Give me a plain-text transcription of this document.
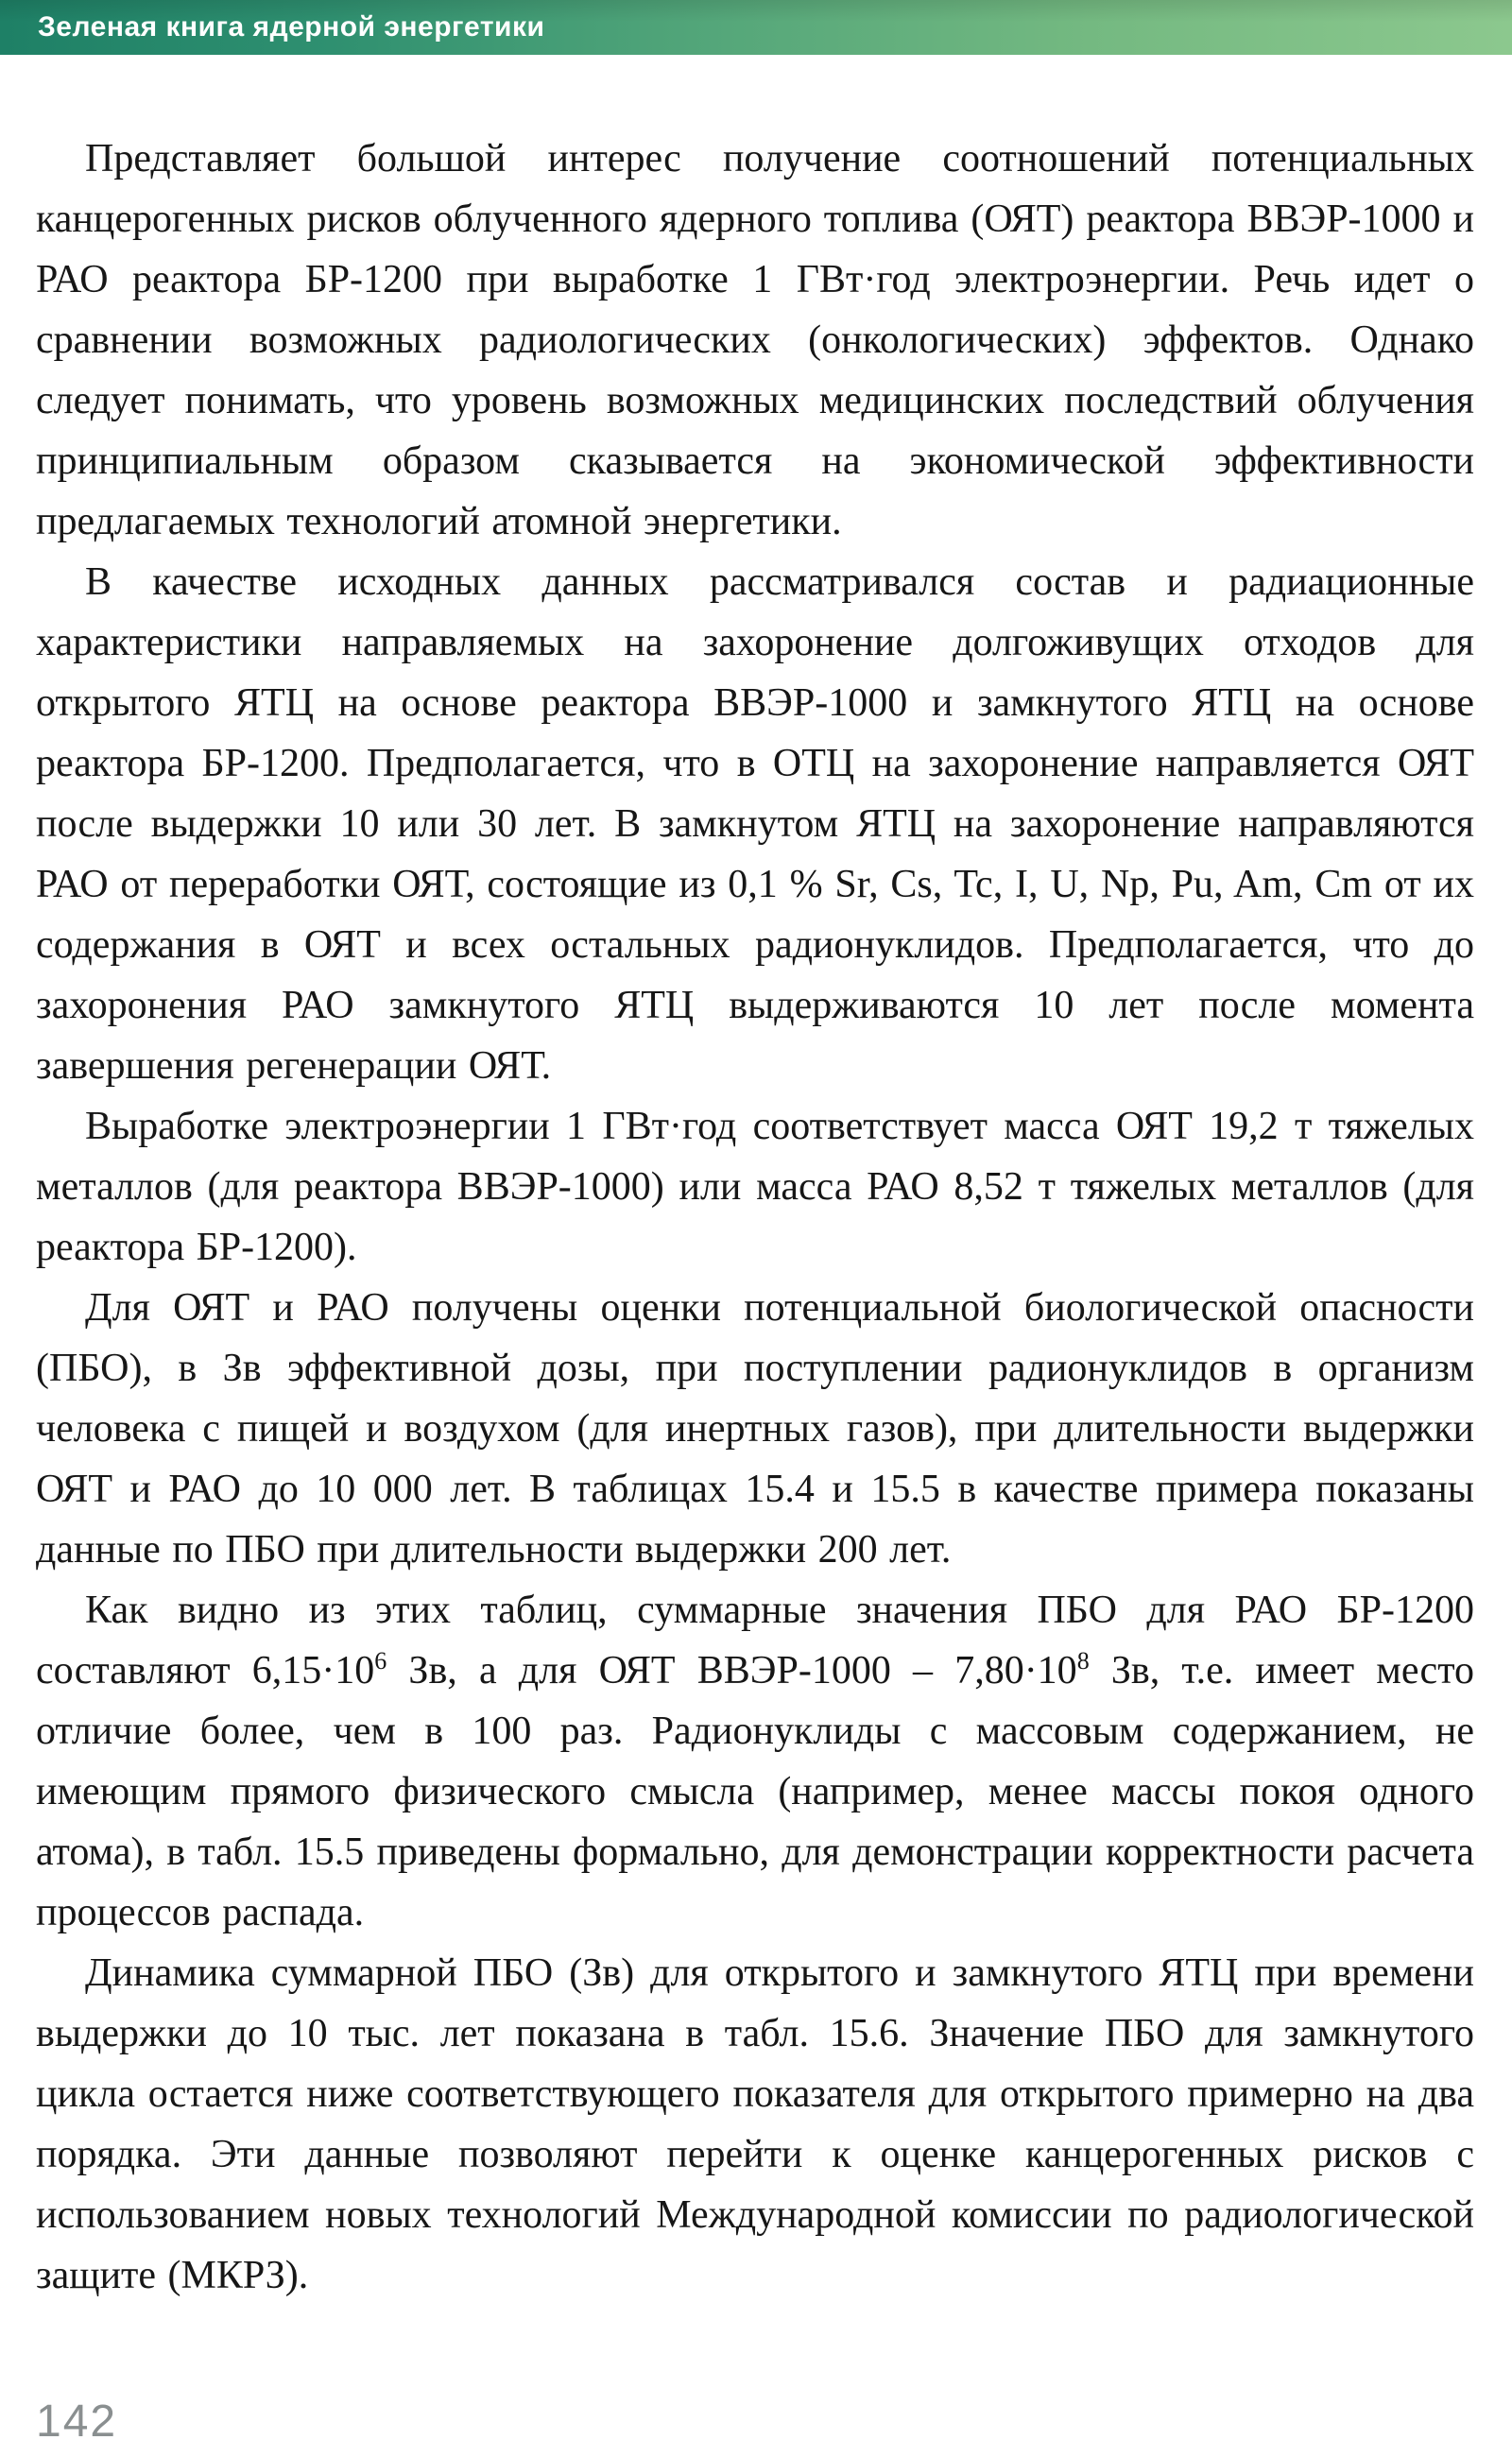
Зеленая книга ядерной энергетики

Представляет большой интерес получение соотношений потенциальных канцерогенных рисков облученного ядерного топлива (ОЯТ) реактора ВВЭР-1000 и РАО реактора БР-1200 при выработке 1 ГВт·год электроэнергии. Речь идет о сравнении возможных радиологических (онкологических) эффектов. Однако следует понимать, что уровень возможных медицинских последствий облучения принципиальным образом сказывается на экономической эффективности предлагаемых технологий атомной энергетики.

В качестве исходных данных рассматривался состав и радиационные характеристики направляемых на захоронение долгоживущих отходов для открытого ЯТЦ на основе реактора ВВЭР-1000 и замкнутого ЯТЦ на основе реактора БР-1200. Предполагается, что в ОТЦ на захоронение направляется ОЯТ после выдержки 10 или 30 лет. В замкнутом ЯТЦ на захоронение направляются РАО от переработки ОЯТ, состоящие из 0,1 % Sr, Cs, Tc, I, U, Np, Pu, Am, Cm от их содержания в ОЯТ и всех остальных радионуклидов. Предполагается, что до захоронения РАО замкнутого ЯТЦ выдерживаются 10 лет после момента завершения регенерации ОЯТ.

Выработке электроэнергии 1 ГВт·год соответствует масса ОЯТ 19,2 т тяжелых металлов (для реактора ВВЭР-1000) или масса РАО 8,52 т тяжелых металлов (для реактора БР-1200).

Для ОЯТ и РАО получены оценки потенциальной биологической опасности (ПБО), в Зв эффективной дозы, при поступлении радионуклидов в организм человека с пищей и воздухом (для инертных газов), при длительности выдержки ОЯТ и РАО до 10 000 лет. В таблицах 15.4 и 15.5 в качестве примера показаны данные по ПБО при длительности выдержки 200 лет.

Как видно из этих таблиц, суммарные значения ПБО для РАО БР-1200 составляют $6,15\cdot 10^6$ Зв, а для ОЯТ ВВЭР-1000 – $7,80\cdot 10^8$ Зв, т.е. имеет место отличие более, чем в 100 раз. Радионуклиды с массовым содержанием, не имеющим прямого физического смысла (например, менее массы покоя одного атома), в табл. 15.5 приведены формально, для демонстрации корректности расчета процессов распада.

Динамика суммарной ПБО (Зв) для открытого и замкнутого ЯТЦ при времени выдержки до 10 тыс. лет показана в табл. 15.6. Значение ПБО для замкнутого цикла остается ниже соответствующего показателя для открытого примерно на два порядка. Эти данные позволяют перейти к оценке канцерогенных рисков с использованием новых технологий Международной комиссии по радиологической защите (МКРЗ).

142
